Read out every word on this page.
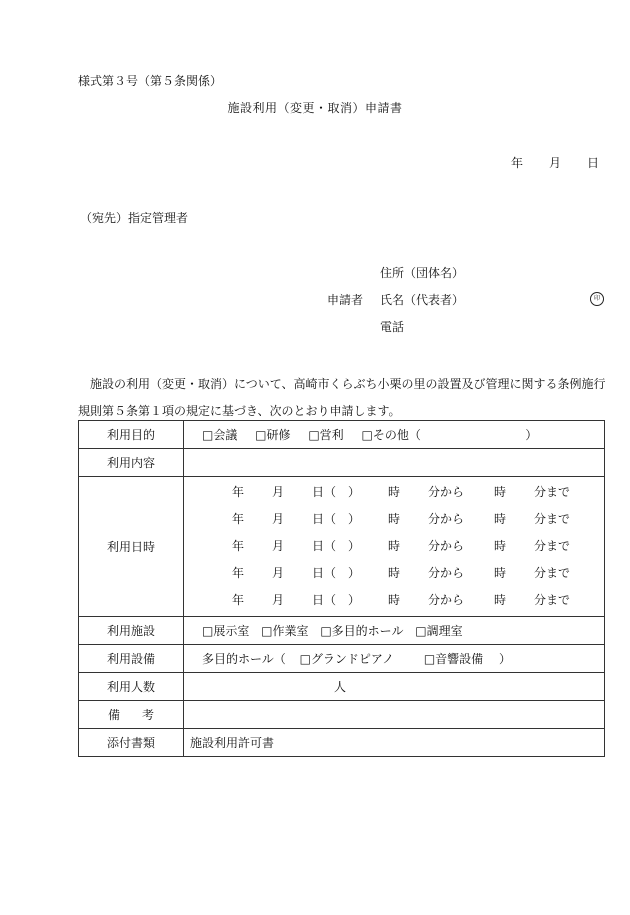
様式第３号（第５条関係）
施設利用（変更・取消）申請書
年 月 日
（宛先）指定管理者
住所（団体名）
申請者 氏名（代表者）	印
電話
施設の利用（変更・取消）について、高崎市くらぶち小栗の里の設置及び管理に関する条例施行規則第５条第１項の規定に基づき、次のとおり申請します。
利用目的	□会議 □研修 □営利 □その他（ ）
利用内容	
利用日時	年 月 日（　） 時 分から 時 分まで
年 月 日（　） 時 分から 時 分まで
年 月 日（　） 時 分から 時 分まで
年 月 日（　） 時 分から 時 分まで
年 月 日（　） 時 分から 時 分まで

利用施設	□展示室 □作業室 □多目的ホール □調理室
利用設備	多目的ホール（ □グランドピアノ □音響設備 ）
利用人数	人
備考	
添付書類	施設利用許可書
